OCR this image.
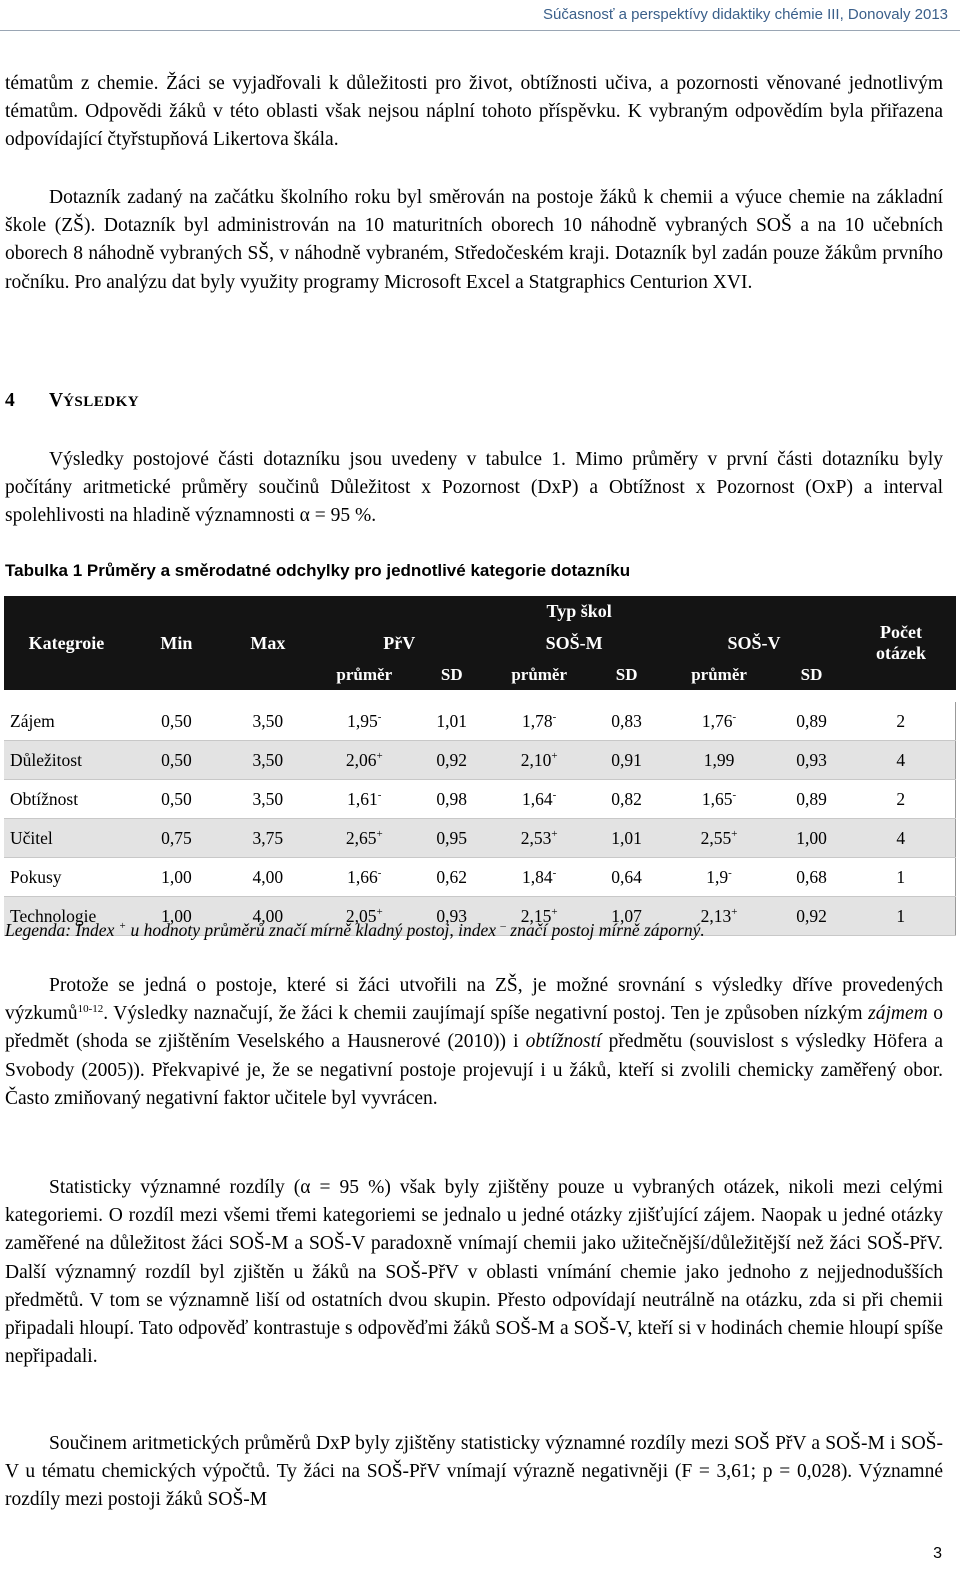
Súčasnosť a perspektívy didaktiky chémie III, Donovaly 2013

tématům z chemie. Žáci se vyjadřovali k důležitosti pro život, obtížnosti učiva, a pozornosti věnované jednotlivým tématům. Odpovědi žáků v této oblasti však nejsou náplní tohoto příspěvku. K vybraným odpovědím byla přiřazena odpovídající čtyřstupňová Likertova škála.

Dotazník zadaný na začátku školního roku byl směrován na postoje žáků k chemii a výuce chemie na základní škole (ZŠ). Dotazník byl administrován na 10 maturitních oborech 10 náhodně vybraných SOŠ a na 10 učebních oborech 8 náhodně vybraných SŠ, v náhodně vybraném, Středočeském kraji. Dotazník byl zadán pouze žákům prvního ročníku. Pro analýzu dat byly využity programy Microsoft Excel a Statgraphics Centurion XVI.

4 VÝSLEDKY

Výsledky postojové části dotazníku jsou uvedeny v tabulce 1. Mimo průměry v první části dotazníku byly počítány aritmetické průměry součinů Důležitost x Pozornost (DxP) a Obtížnost x Pozornost (OxP) a interval spolehlivosti na hladině významnosti α = 95 %.

Tabulka 1 Průměry a směrodatné odchylky pro jednotlivé kategorie dotazníku
Kategroie	Min	Max	Typ škol						Počet
otázek
			PřV		SOŠ-M		SOŠ-V		
			průměr	SD	průměr	SD	průměr	SD	

Zájem	0,50	3,50	1,95-	1,01	1,78-	0,83	1,76-	0,89	2
Důležitost	0,50	3,50	2,06+	0,92	2,10+	0,91	1,99	0,93	4
Obtížnost	0,50	3,50	1,61-	0,98	1,64-	0,82	1,65-	0,89	2
Učitel	0,75	3,75	2,65+	0,95	2,53+	1,01	2,55+	1,00	4
Pokusy	1,00	4,00	1,66-	0,62	1,84-	0,64	1,9-	0,68	1
Technologie	1,00	4,00	2,05+	0,93	2,15+	1,07	2,13+	0,92	1
Legenda: Index + u hodnoty průměrů značí mírně kladný postoj, index – značí postoj mírně záporný.

Protože se jedná o postoje, které si žáci utvořili na ZŠ, je možné srovnání s výsledky dříve provedených výzkumů$^{10-12}$. Výsledky naznačují, že žáci k chemii zaujímají spíše negativní postoj. Ten je způsoben nízkým zájmem o předmět (shoda se zjištěním Veselského a Hausnerové (2010)) i obtížností předmětu (souvislost s výsledky Höfera a Svobody (2005)). Překvapivé je, že se negativní postoje projevují i u žáků, kteří si zvolili chemicky zaměřený obor. Často zmiňovaný negativní faktor učitele byl vyvrácen.

Statisticky významné rozdíly (α = 95 %) však byly zjištěny pouze u vybraných otázek, nikoli mezi celými kategoriemi. O rozdíl mezi všemi třemi kategoriemi se jednalo u jedné otázky zjišťující zájem. Naopak u jedné otázky zaměřené na důležitost žáci SOŠ-M a SOŠ-V paradoxně vnímají chemii jako užitečnější/důležitější než žáci SOŠ-PřV. Další významný rozdíl byl zjištěn u žáků na SOŠ-PřV v oblasti vnímání chemie jako jednoho z nejjednodušších předmětů. V tom se významně liší od ostatních dvou skupin. Přesto odpovídají neutrálně na otázku, zda si při chemii připadali hloupí. Tato odpověď kontrastuje s odpověďmi žáků SOŠ-M a SOŠ-V, kteří si v hodinách chemie hloupí spíše nepřipadali.

Součinem aritmetických průměrů DxP byly zjištěny statisticky významné rozdíly mezi SOŠ PřV a SOŠ-M i SOŠ-V u tématu chemických výpočtů. Ty žáci na SOŠ-PřV vnímají výrazně negativněji (F = 3,61; p = 0,028). Významné rozdíly mezi postoji žáků SOŠ-M

3
